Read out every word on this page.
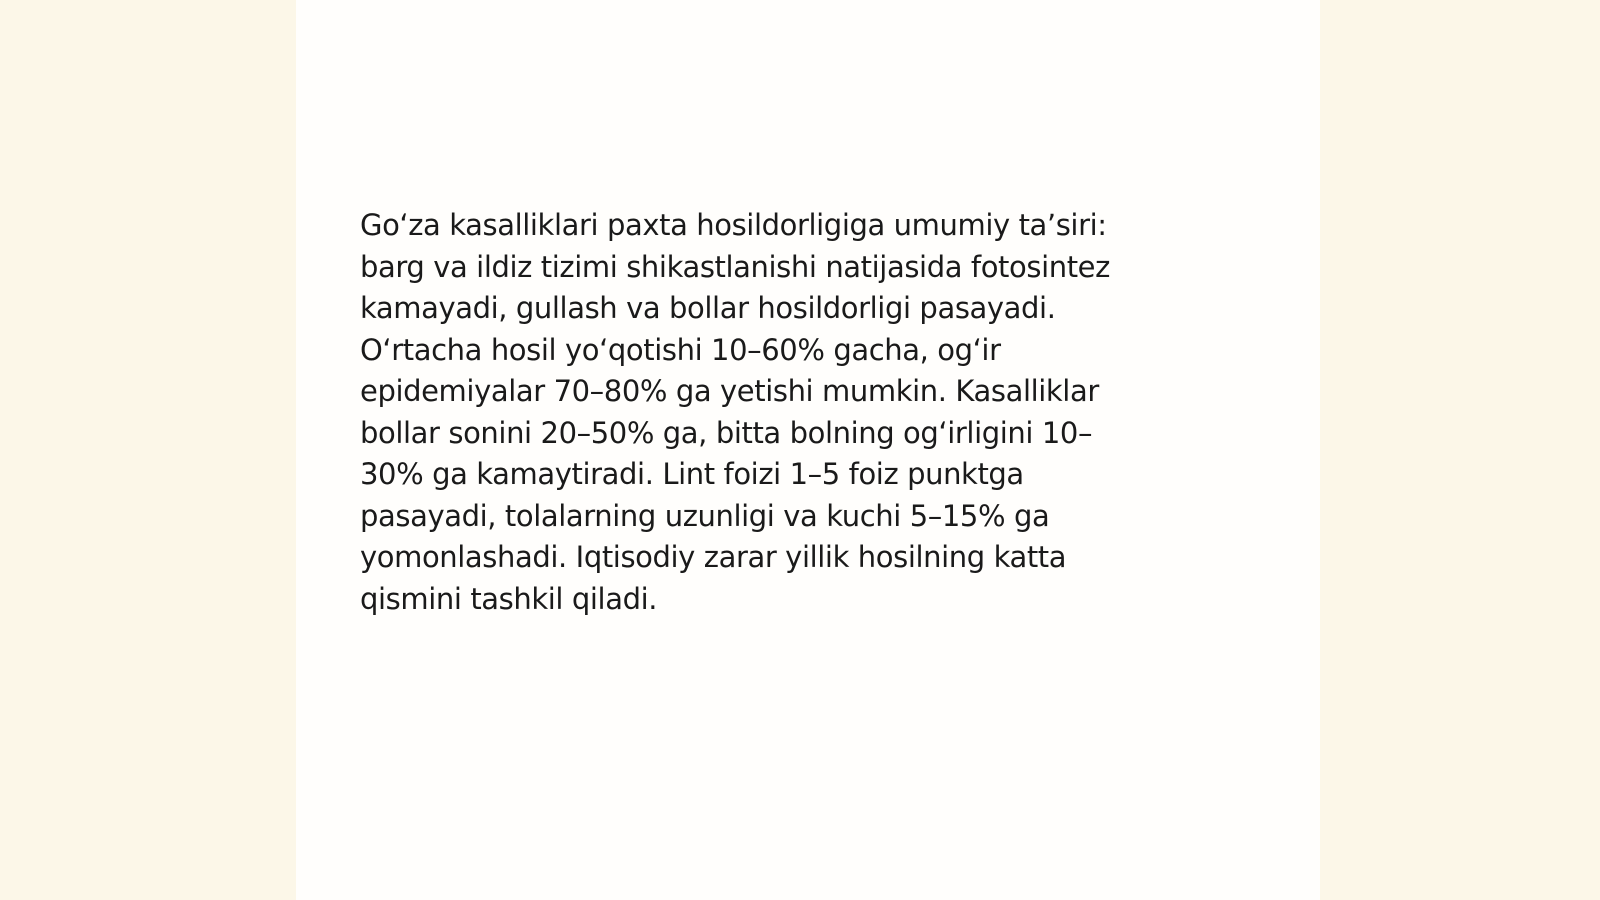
Go‘za kasalliklari paxta hosildorligiga umumiy ta’siri:
barg va ildiz tizimi shikastlanishi natijasida fotosintez
kamayadi, gullash va bollar hosildorligi pasayadi.
O‘rtacha hosil yo‘qotishi 10–60% gacha, og‘ir
epidemiyalar 70–80% ga yetishi mumkin. Kasalliklar
bollar sonini 20–50% ga, bitta bolning og‘irligini 10–
30% ga kamaytiradi. Lint foizi 1–5 foiz punktga
pasayadi, tolalarning uzunligi va kuchi 5–15% ga
yomonlashadi. Iqtisodiy zarar yillik hosilning katta
qismini tashkil qiladi.
